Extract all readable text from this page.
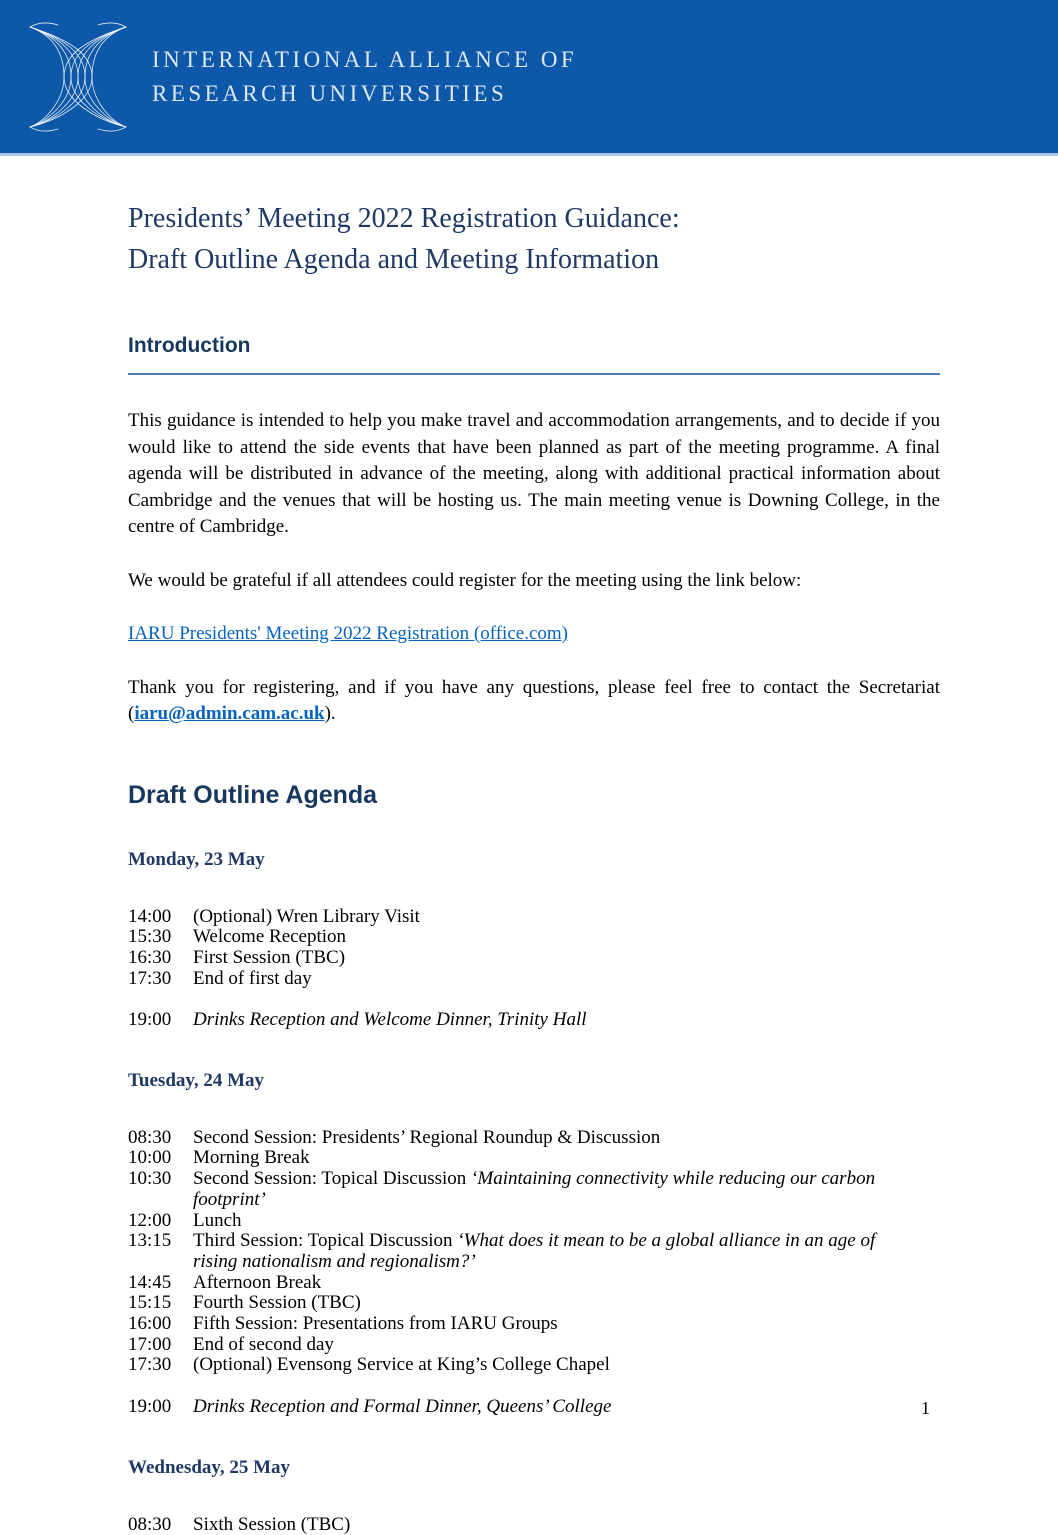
INTERNATIONAL ALLIANCE OF
RESEARCH UNIVERSITIES
Presidents’ Meeting 2022 Registration Guidance:
Draft Outline Agenda and Meeting Information
Introduction

This guidance is intended to help you make travel and accommodation arrangements, and to decide if you would like to attend the side events that have been planned as part of the meeting programme. A final agenda will be distributed in advance of the meeting, along with additional practical information about Cambridge and the venues that will be hosting us. The main meeting venue is Downing College, in the centre of Cambridge.

We would be grateful if all attendees could register for the meeting using the link below:

IARU Presidents' Meeting 2022 Registration (office.com)

Thank you for registering, and if you have any questions, please feel free to contact the Secretariat (iaru@admin.cam.ac.uk).

Draft Outline Agenda
Monday, 23 May
14:00	(Optional) Wren Library Visit
15:30	Welcome Reception
16:30	First Session (TBC)
17:30	End of first day
19:00	Drinks Reception and Welcome Dinner, Trinity Hall
Tuesday, 24 May
08:30	Second Session: Presidents’ Regional Roundup & Discussion
10:00	Morning Break
10:30	Second Session: Topical Discussion ‘Maintaining connectivity while reducing our carbon footprint’
12:00	Lunch
13:15	Third Session: Topical Discussion ‘What does it mean to be a global alliance in an age of rising nationalism and regionalism?’
14:45	Afternoon Break
15:15	Fourth Session (TBC)
16:00	Fifth Session: Presentations from IARU Groups
17:00	End of second day
17:30	(Optional) Evensong Service at King’s College Chapel
19:00	Drinks Reception and Formal Dinner, Queens’ College
Wednesday, 25 May
08:30	Sixth Session (TBC)
1
